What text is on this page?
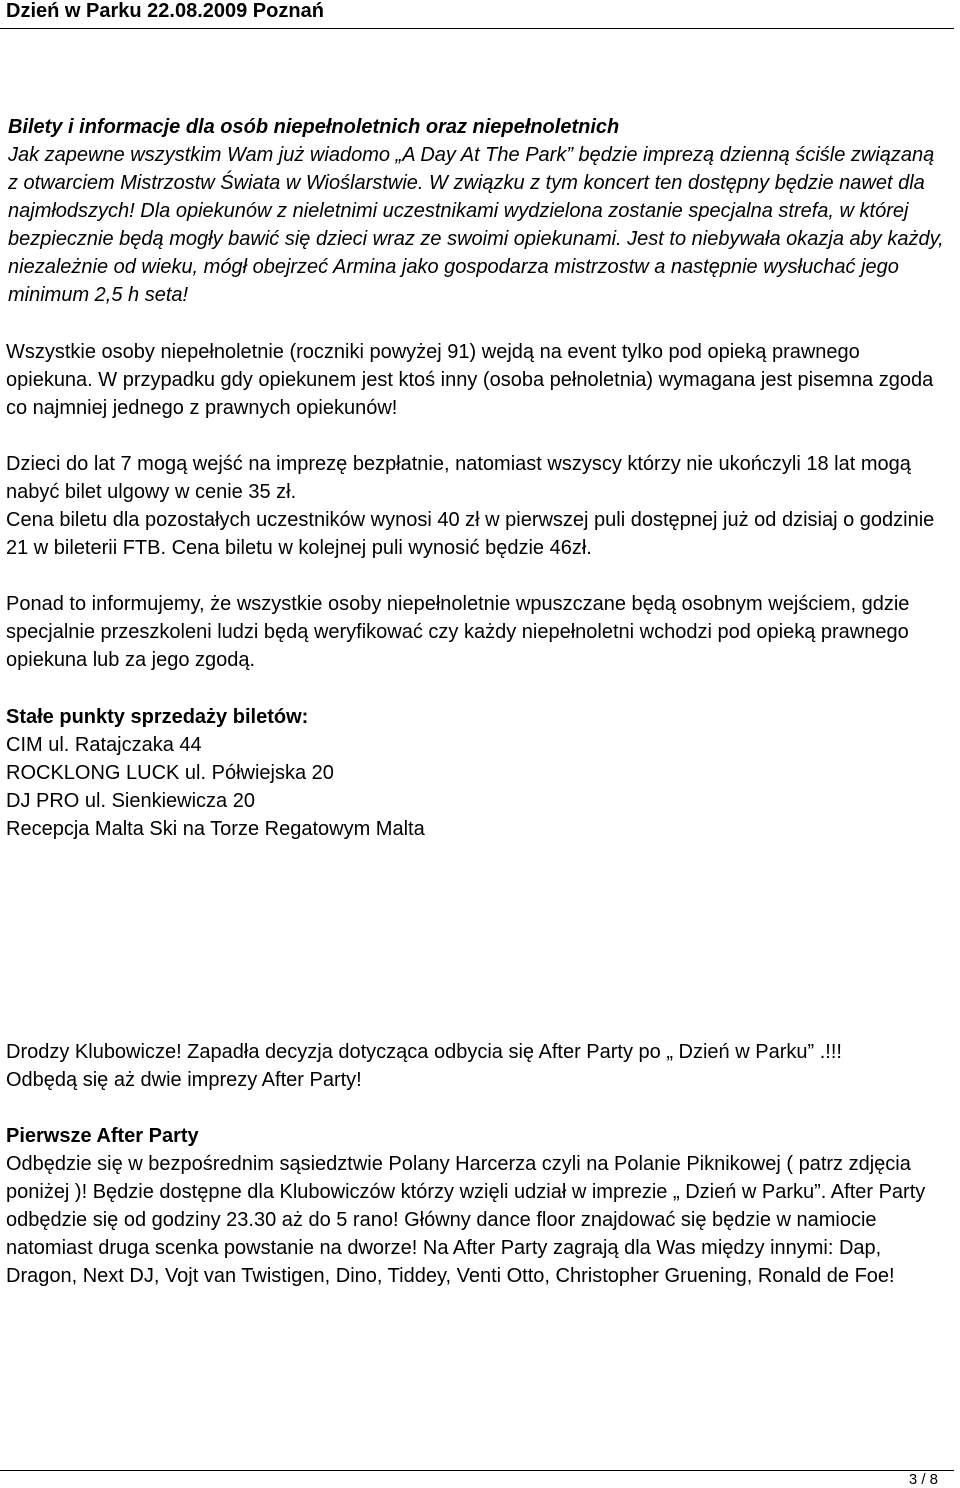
Dzień w Parku 22.08.2009 Poznań
Bilety i informacje dla osób niepełnoletnich oraz niepełnoletnich
Jak zapewne wszystkim Wam już wiadomo „A Day At The Park” będzie imprezą dzienną ściśle związaną z otwarciem Mistrzostw Świata w Wioślarstwie. W związku z tym koncert ten dostępny będzie nawet dla najmłodszych! Dla opiekunów z nieletnimi uczestnikami wydzielona zostanie specjalna strefa, w której bezpiecznie będą mogły bawić się dzieci wraz ze swoimi opiekunami. Jest to niebywała okazja aby każdy, niezależnie od wieku, mógł obejrzeć Armina jako gospodarza mistrzostw a następnie wysłuchać jego minimum 2,5 h seta!

Wszystkie osoby niepełnoletnie (roczniki powyżej 91) wejdą na event tylko pod opieką prawnego opiekuna. W przypadku gdy opiekunem jest ktoś inny (osoba pełnoletnia) wymagana jest pisemna zgoda co najmniej jednego z prawnych opiekunów!

Dzieci do lat 7 mogą wejść na imprezę bezpłatnie, natomiast wszyscy którzy nie ukończyli 18 lat mogą nabyć bilet ulgowy w cenie 35 zł.

Cena biletu dla pozostałych uczestników wynosi 40 zł w pierwszej puli dostępnej już od dzisiaj o godzinie 21 w bileterii FTB. Cena biletu w kolejnej puli wynosić będzie 46zł.

Ponad to informujemy, że wszystkie osoby niepełnoletnie wpuszczane będą osobnym wejściem, gdzie specjalnie przeszkoleni ludzi będą weryfikować czy każdy niepełnoletni wchodzi pod opieką prawnego opiekuna lub za jego zgodą.

Stałe punkty sprzedaży biletów:
CIM ul. Ratajczaka 44
ROCKLONG LUCK ul. Półwiejska 20
DJ PRO ul. Sienkiewicza 20
Recepcja Malta Ski na Torze Regatowym Malta
Drodzy Klubowicze! Zapadła decyzja dotycząca odbycia się After Party po „ Dzień w Parku” .!!!
Odbędą się aż dwie imprezy After Party!
Pierwsze After Party
Odbędzie się w bezpośrednim sąsiedztwie Polany Harcerza czyli na Polanie Piknikowej ( patrz zdjęcia poniżej )! Będzie dostępne dla Klubowiczów którzy wzięli udział w imprezie „ Dzień w Parku”. After Party odbędzie się od godziny 23.30 aż do 5 rano! Główny dance floor znajdować się będzie w namiocie natomiast druga scenka powstanie na dworze! Na After Party zagrają dla Was między innymi: Dap, Dragon, Next DJ, Vojt van Twistigen, Dino, Tiddey, Venti Otto, Christopher Gruening, Ronald de Foe!
3 / 8
